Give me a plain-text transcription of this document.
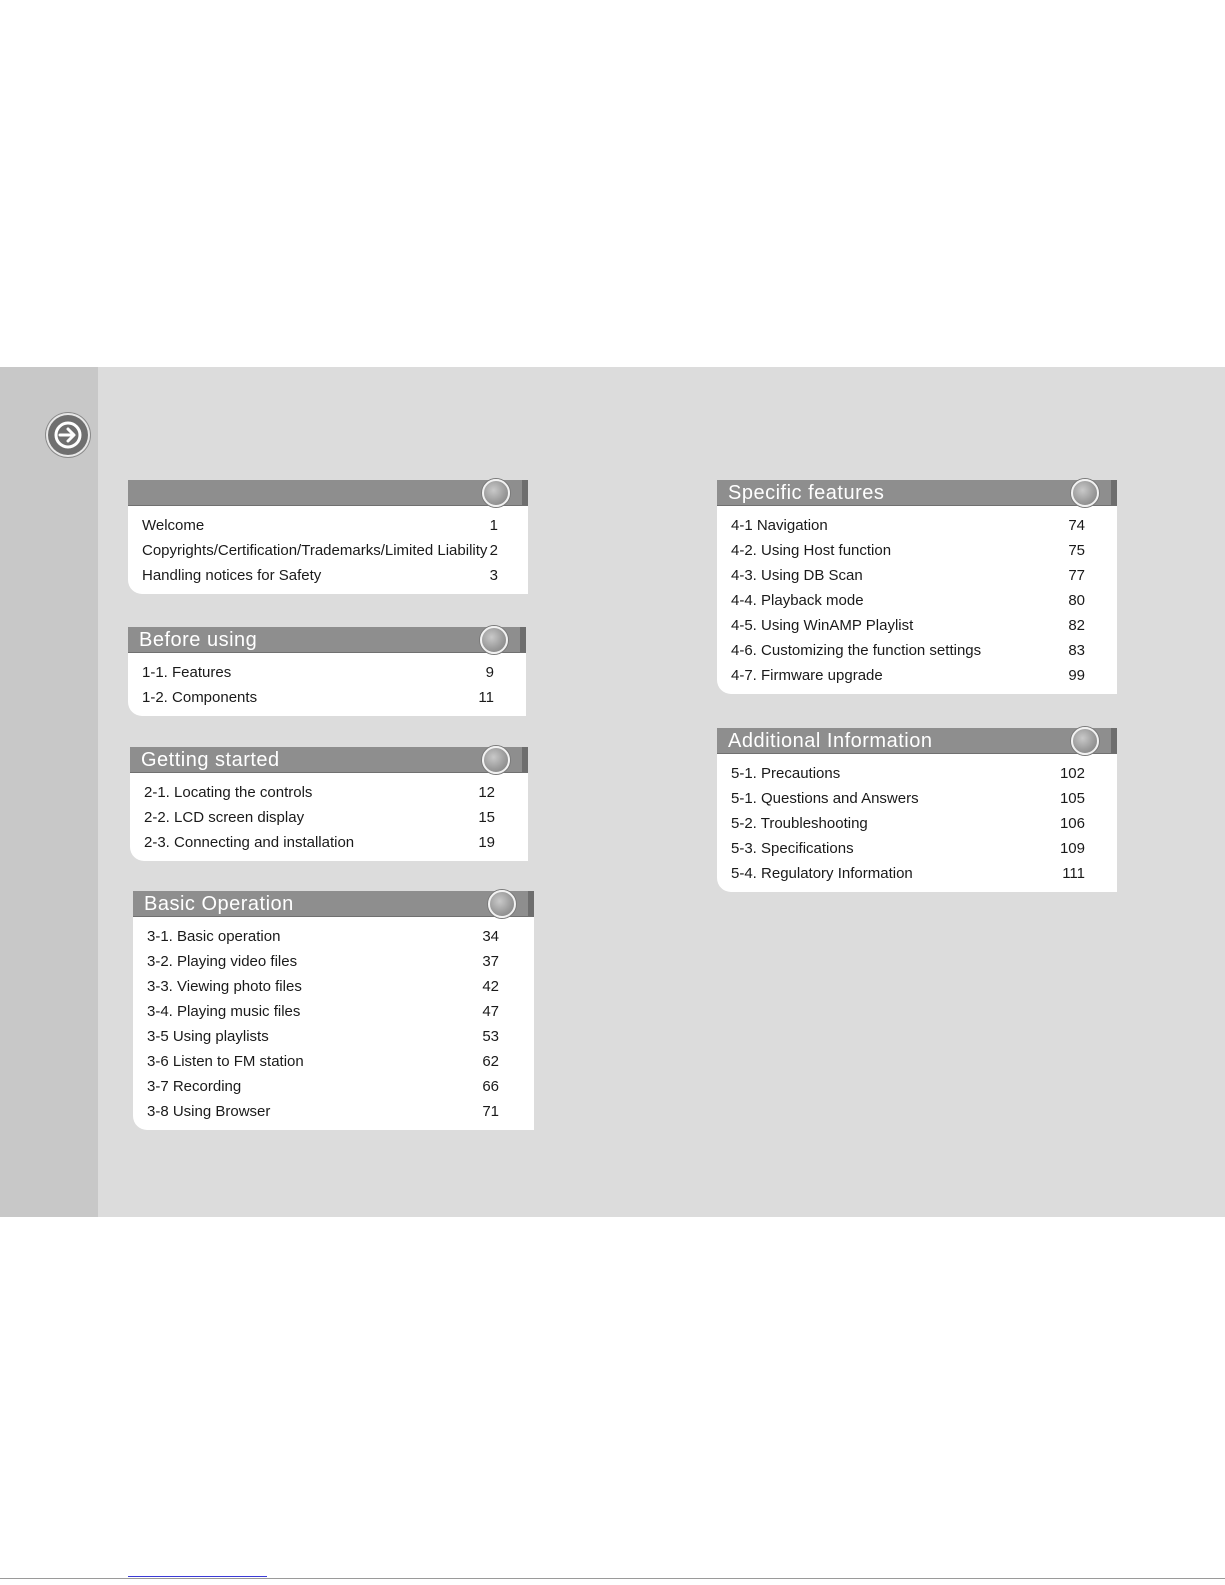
Welcome	1
Copyrights/Certification/Trademarks/Limited Liability 2
Handling notices for Safety	3
Before using
1-1. Features	9
1-2. Components	11
Getting started
2-1. Locating the controls	12
2-2. LCD screen display	15
2-3. Connecting and installation	19
Basic Operation
3-1. Basic operation	34
3-2. Playing video files	37
3-3. Viewing photo files	42
3-4. Playing music files	47
3-5 Using playlists	53
3-6 Listen to FM station	62
3-7 Recording	66
3-8 Using Browser	71
Specific features
4-1 Navigation	74
4-2. Using Host function	75
4-3. Using DB Scan	77
4-4. Playback mode	80
4-5. Using WinAMP Playlist	82
4-6. Customizing the function settings	83
4-7. Firmware upgrade	99
Additional Information
5-1. Precautions	102
5-1. Questions and Answers	105
5-2. Troubleshooting	106
5-3. Specifications	109
5-4. Regulatory Information	111
